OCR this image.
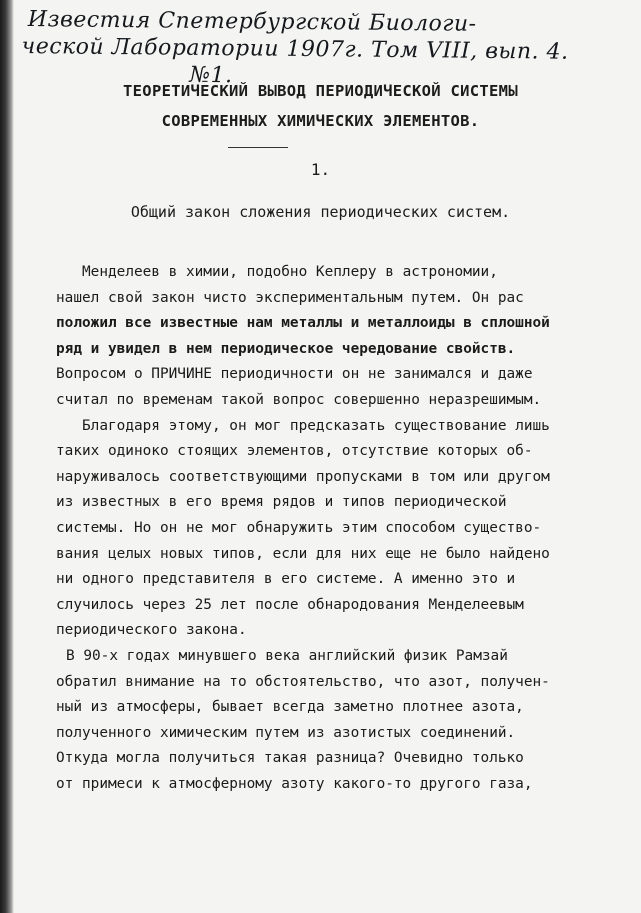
Известия Спетербургской Биологи-
ческой Лаборатории 1907г. Том VIII, вып. 4.
№1.
ТЕОРЕТИЧЕСКИЙ ВЫВОД ПЕРИОДИЧЕСКОЙ СИСТЕМЫ
СОВРЕМЕННЫХ ХИМИЧЕСКИХ ЭЛЕМЕНТОВ.
1.
Общий закон сложения периодических систем.
Менделеев в химии, подобно Кеплеру в астрономии,
нашел свой закон чисто экспериментальным путем. Он рас
положил все известные нам металлы и металлоиды в сплошной
ряд и увидел в нем периодическое чередование свойств.
Вопросом о ПРИЧИНЕ периодичности он не занимался и даже
считал по временам такой вопрос совершенно неразрешимым.
Благодаря этому, он мог предсказать существование лишь
таких одиноко стоящих элементов, отсутствие которых об-
наруживалось соответствующими пропусками в том или другом
из известных в его время рядов и типов периодической
системы. Но он не мог обнаружить этим способом существо-
вания целых новых типов, если для них еще не было найдено
ни одного представителя в его системе. А именно это и
случилось через 25 лет после обнародования Менделеевым
периодического закона.
В 90-х годах минувшего века английский физик Рамзай
обратил внимание на то обстоятельство, что азот, получен-
ный из атмосферы, бывает всегда заметно плотнее азота,
полученного химическим путем из азотистых соединений.
Откуда могла получиться такая разница? Очевидно только
от примеси к атмосферному азоту какого-то другого газа,
